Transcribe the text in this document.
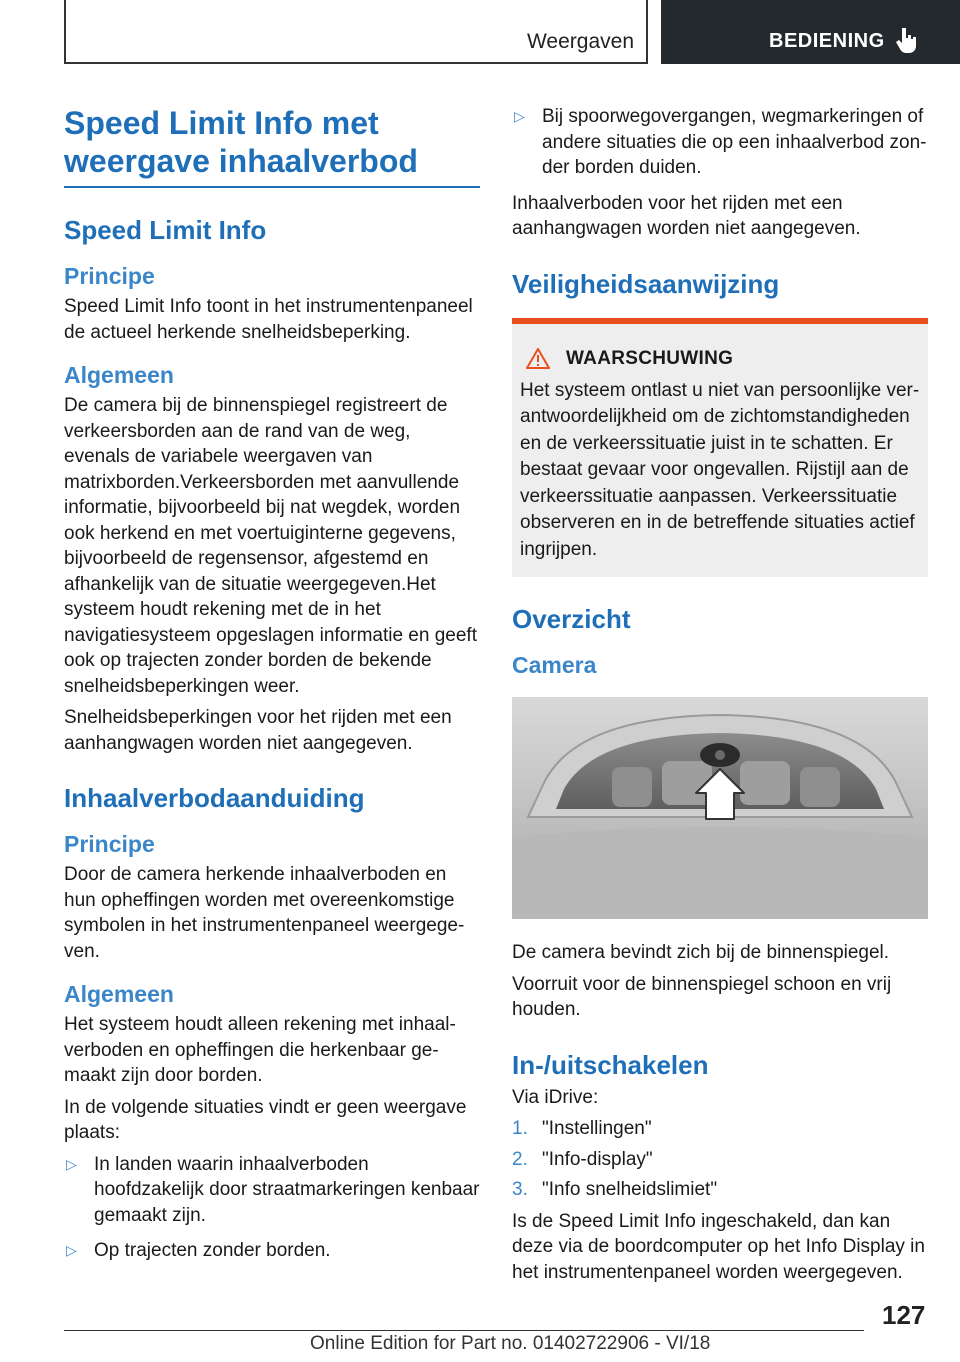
Weergaven	BEDIENING
Speed Limit Info met weergave inhaalverbod
Speed Limit Info
Principe

Speed Limit Info toont in het instrumentenpaneel de actueel herkende snelheidsbeperking.

Algemeen

De camera bij de binnenspiegel registreert de verkeersborden aan de rand van de weg, evenals de variabele weergaven van matrixborden.Verkeersborden met aanvullende informatie, bijvoorbeeld bij nat wegdek, worden ook herkend en met voertuiginterne gegevens, bijvoorbeeld de regensensor, afgestemd en afhankelijk van de situatie weergegeven.Het systeem houdt rekening met de in het navigatiesysteem opgeslagen informatie en geeft ook op trajecten zonder borden de bekende snelheidsbeperkingen weer.

Snelheidsbeperkingen voor het rijden met een aanhangwagen worden niet aangegeven.

Inhaalverbodaanduiding
Principe

Door de camera herkende inhaalverboden en hun opheffingen worden met overeenkomstige symbolen in het instrumentenpaneel weergegeven.

Algemeen

Het systeem houdt alleen rekening met inhaalverboden en opheffingen die herkenbaar gemaakt zijn door borden.

In de volgende situaties vindt er geen weergave plaats:

▷ In landen waarin inhaalverboden hoofdzakelijk door straatmarkeringen kenbaar gemaakt zijn.
▷ Op trajecten zonder borden.
▷ Bij spoorwegovergangen, wegmarkeringen of andere situaties die op een inhaalverbod zonder borden duiden.

Inhaalverboden voor het rijden met een aanhangwagen worden niet aangegeven.

Veiligheidsaanwijzing
WAARSCHUWING

Het systeem ontlast u niet van persoonlijke verantwoordelijkheid om de zichtomstandigheden en de verkeerssituatie juist in te schatten. Er bestaat gevaar voor ongevallen. Rijstijl aan de verkeerssituatie aanpassen. Verkeerssituatie observeren en in de betreffende situaties actief ingrijpen.

Overzicht
Camera

De camera bevindt zich bij de binnenspiegel.

Voorruit voor de binnenspiegel schoon en vrij houden.

In-/uitschakelen

Via iDrive:

1. "Instellingen"
2. "Info-display"
3. "Info snelheidslimiet"

Is de Speed Limit Info ingeschakeld, dan kan deze via de boordcomputer op het Info Display in het instrumentenpaneel worden weergegeven.

127
Online Edition for Part no. 01402722906 - VI/18
